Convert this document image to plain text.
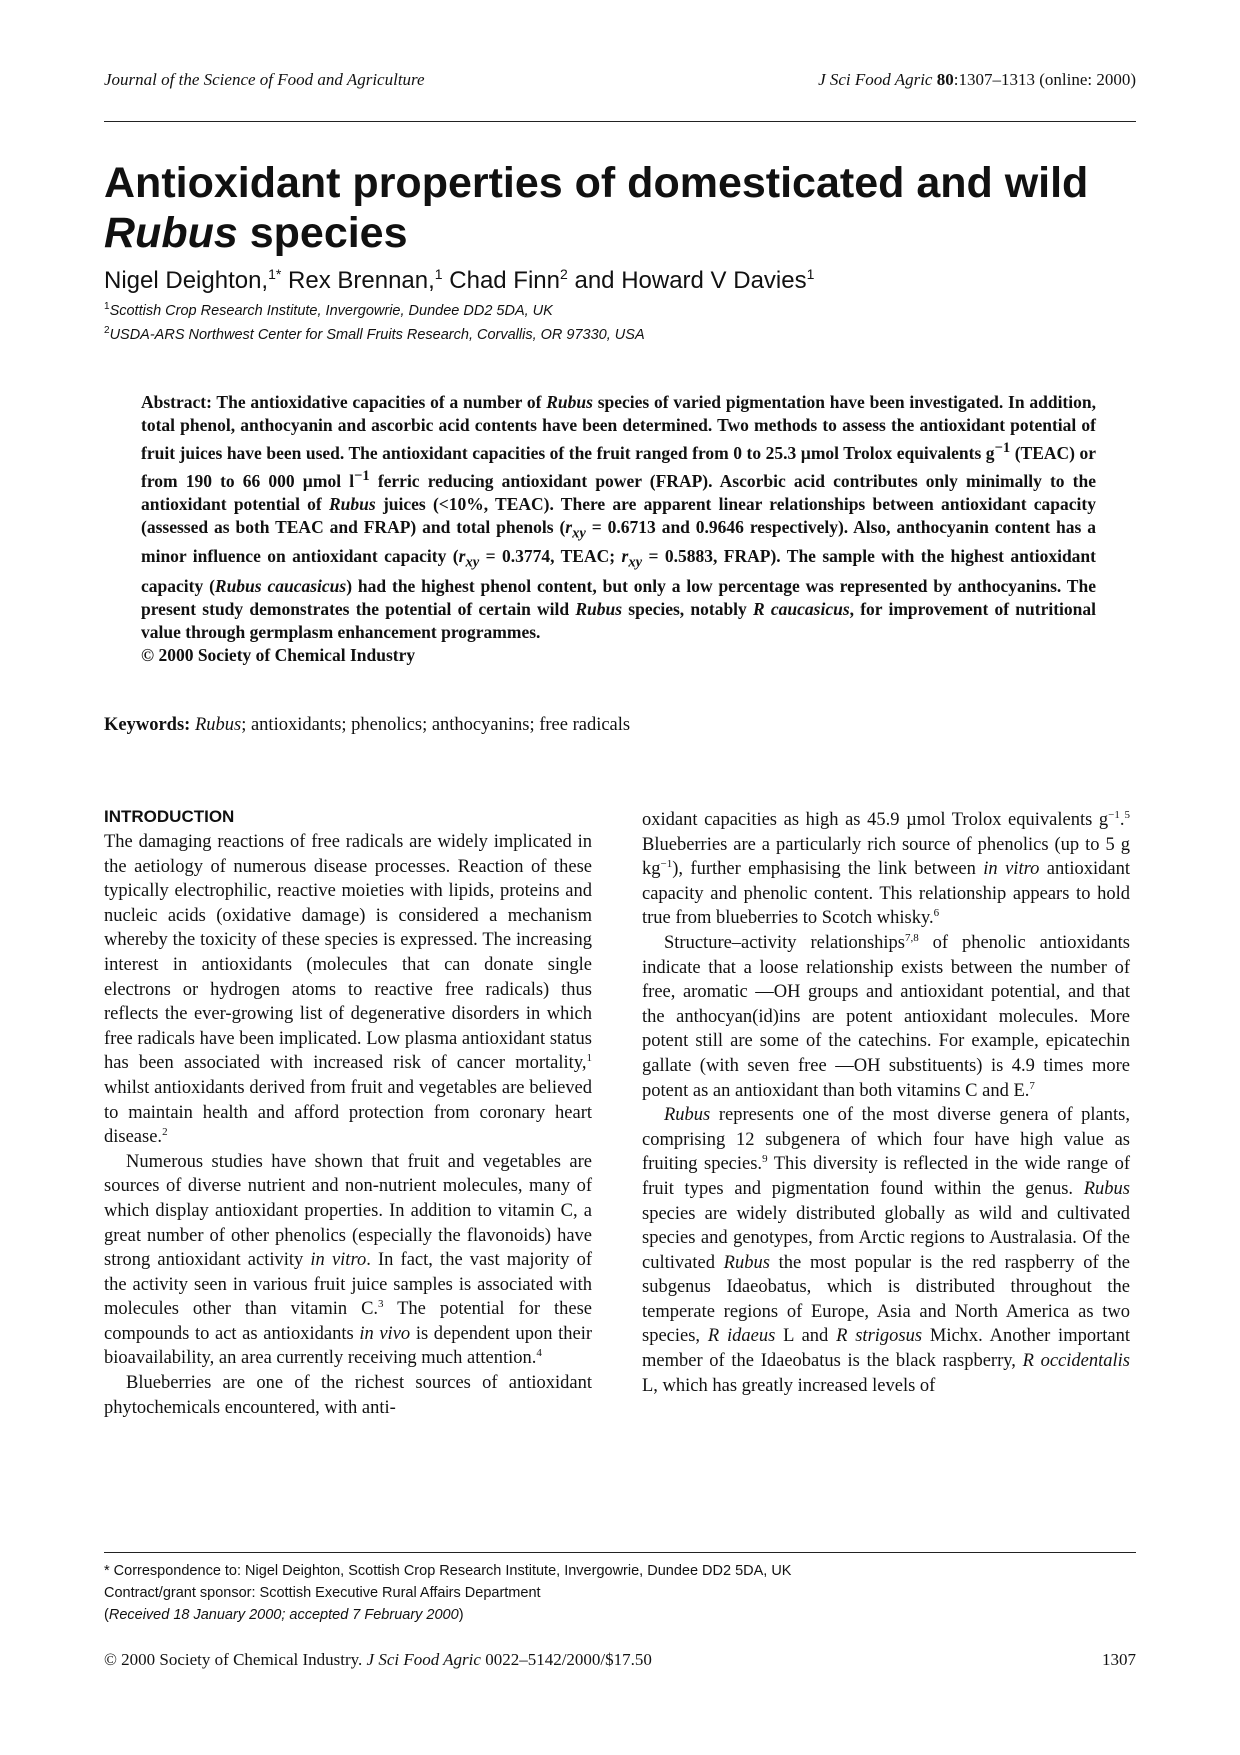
Journal of the Science of Food and Agriculture	J Sci Food Agric 80:1307–1313 (online: 2000)
Antioxidant properties of domesticated and wild
Rubus species
Nigel Deighton,$^{1*}$ Rex Brennan,$^1$ Chad Finn$^2$ and Howard V Davies$^1$
$^1$Scottish Crop Research Institute, Invergowrie, Dundee DD2 5DA, UK
$^2$USDA-ARS Northwest Center for Small Fruits Research, Corvallis, OR 97330, USA
Abstract: The antioxidative capacities of a number of Rubus species of varied pigmentation have been investigated. In addition, total phenol, anthocyanin and ascorbic acid contents have been determined. Two methods to assess the antioxidant potential of fruit juices have been used. The antioxidant capacities of the fruit ranged from 0 to 25.3 µmol Trolox equivalents $g^{-1}$ (TEAC) or from 190 to 66 000 µmol $l^{-1}$ ferric reducing antioxidant power (FRAP). Ascorbic acid contributes only minimally to the antioxidant potential of Rubus juices (<10%, TEAC). There are apparent linear relationships between antioxidant capacity (assessed as both TEAC and FRAP) and total phenols ($r_{xy} = 0.6713$ and 0.9646 respectively). Also, anthocyanin content has a minor influence on antioxidant capacity ($r_{xy} = 0.3774$, TEAC; $r_{xy} = 0.5883$, FRAP). The sample with the highest antioxidant capacity (Rubus caucasicus) had the highest phenol content, but only a low percentage was represented by anthocyanins. The present study demonstrates the potential of certain wild Rubus species, notably R caucasicus, for improvement of nutritional value through germplasm enhancement programmes.
© 2000 Society of Chemical Industry
Keywords: Rubus; antioxidants; phenolics; anthocyanins; free radicals
INTRODUCTION

The damaging reactions of free radicals are widely implicated in the aetiology of numerous disease processes. Reaction of these typically electrophilic, reactive moieties with lipids, proteins and nucleic acids (oxidative damage) is considered a mechanism whereby the toxicity of these species is expressed. The increasing interest in antioxidants (molecules that can donate single electrons or hydrogen atoms to reactive free radicals) thus reflects the ever-growing list of degenerative disorders in which free radicals have been implicated. Low plasma antioxidant status has been associated with increased risk of cancer mortality,$^1$ whilst antioxidants derived from fruit and vegetables are believed to maintain health and afford protection from coronary heart disease.$^2$

Numerous studies have shown that fruit and vegetables are sources of diverse nutrient and non-nutrient molecules, many of which display antioxidant properties. In addition to vitamin C, a great number of other phenolics (especially the flavonoids) have strong antioxidant activity in vitro. In fact, the vast majority of the activity seen in various fruit juice samples is associated with molecules other than vitamin C.$^3$ The potential for these compounds to act as antioxidants in vivo is dependent upon their bioavailability, an area currently receiving much attention.$^4$

Blueberries are one of the richest sources of antioxidant phytochemicals encountered, with anti-

oxidant capacities as high as 45.9 µmol Trolox equivalents $g^{-1}.^5$ Blueberries are a particularly rich source of phenolics (up to 5 g $kg^{-1}$), further emphasising the link between in vitro antioxidant capacity and phenolic content. This relationship appears to hold true from blueberries to Scotch whisky.$^6$

Structure–activity relationships$^{7,8}$ of phenolic antioxidants indicate that a loose relationship exists between the number of free, aromatic —OH groups and antioxidant potential, and that the anthocyan(id)ins are potent antioxidant molecules. More potent still are some of the catechins. For example, epicatechin gallate (with seven free —OH substituents) is 4.9 times more potent as an antioxidant than both vitamins C and E.$^7$

Rubus represents one of the most diverse genera of plants, comprising 12 subgenera of which four have high value as fruiting species.$^9$ This diversity is reflected in the wide range of fruit types and pigmentation found within the genus. Rubus species are widely distributed globally as wild and cultivated species and genotypes, from Arctic regions to Australasia. Of the cultivated Rubus the most popular is the red raspberry of the subgenus Idaeobatus, which is distributed throughout the temperate regions of Europe, Asia and North America as two species, R idaeus L and R strigosus Michx. Another important member of the Idaeobatus is the black raspberry, R occidentalis L, which has greatly increased levels of

* Correspondence to: Nigel Deighton, Scottish Crop Research Institute, Invergowrie, Dundee DD2 5DA, UK
Contract/grant sponsor: Scottish Executive Rural Affairs Department
(Received 18 January 2000; accepted 7 February 2000)
© 2000 Society of Chemical Industry. J Sci Food Agric 0022–5142/2000/$17.50	1307
